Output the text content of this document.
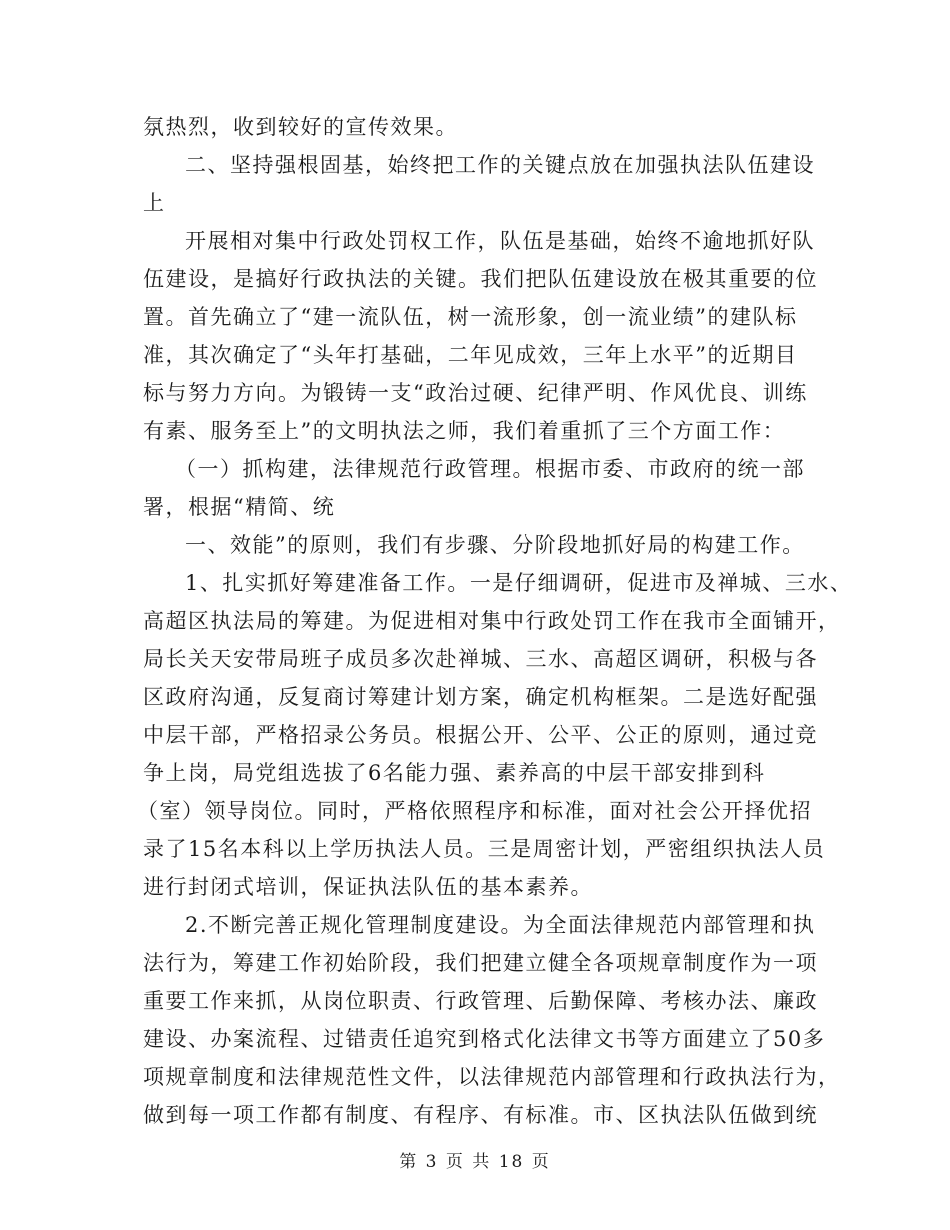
氛热烈，收到较好的宣传效果。
二、坚持强根固基，始终把工作的关键点放在加强执法队伍建设
上
开展相对集中行政处罚权工作，队伍是基础，始终不逾地抓好队
伍建设，是搞好行政执法的关键。我们把队伍建设放在极其重要的位
置。首先确立了“建一流队伍，树一流形象，创一流业绩”的建队标
准，其次确定了“头年打基础，二年见成效，三年上水平”的近期目
标与努力方向。为锻铸一支“政治过硬、纪律严明、作风优良、训练
有素、服务至上”的文明执法之师，我们着重抓了三个方面工作：
（一）抓构建，法律规范行政管理。根据市委、市政府的统一部
署，根据“精简、统
一、效能”的原则，我们有步骤、分阶段地抓好局的构建工作。
1、扎实抓好筹建准备工作。一是仔细调研，促进市及禅城、三水、
高超区执法局的筹建。为促进相对集中行政处罚工作在我市全面铺开，
局长关天安带局班子成员多次赴禅城、三水、高超区调研，积极与各
区政府沟通，反复商讨筹建计划方案，确定机构框架。二是选好配强
中层干部，严格招录公务员。根据公开、公平、公正的原则，通过竞
争上岗，局党组选拔了6名能力强、素养高的中层干部安排到科
（室）领导岗位。同时，严格依照程序和标准，面对社会公开择优招
录了15名本科以上学历执法人员。三是周密计划，严密组织执法人员
进行封闭式培训，保证执法队伍的基本素养。
2.不断完善正规化管理制度建设。为全面法律规范内部管理和执
法行为，筹建工作初始阶段，我们把建立健全各项规章制度作为一项
重要工作来抓，从岗位职责、行政管理、后勤保障、考核办法、廉政
建设、办案流程、过错责任追究到格式化法律文书等方面建立了50多
项规章制度和法律规范性文件，以法律规范内部管理和行政执法行为，
做到每一项工作都有制度、有程序、有标准。市、区执法队伍做到统
第 3 页 共 18 页
